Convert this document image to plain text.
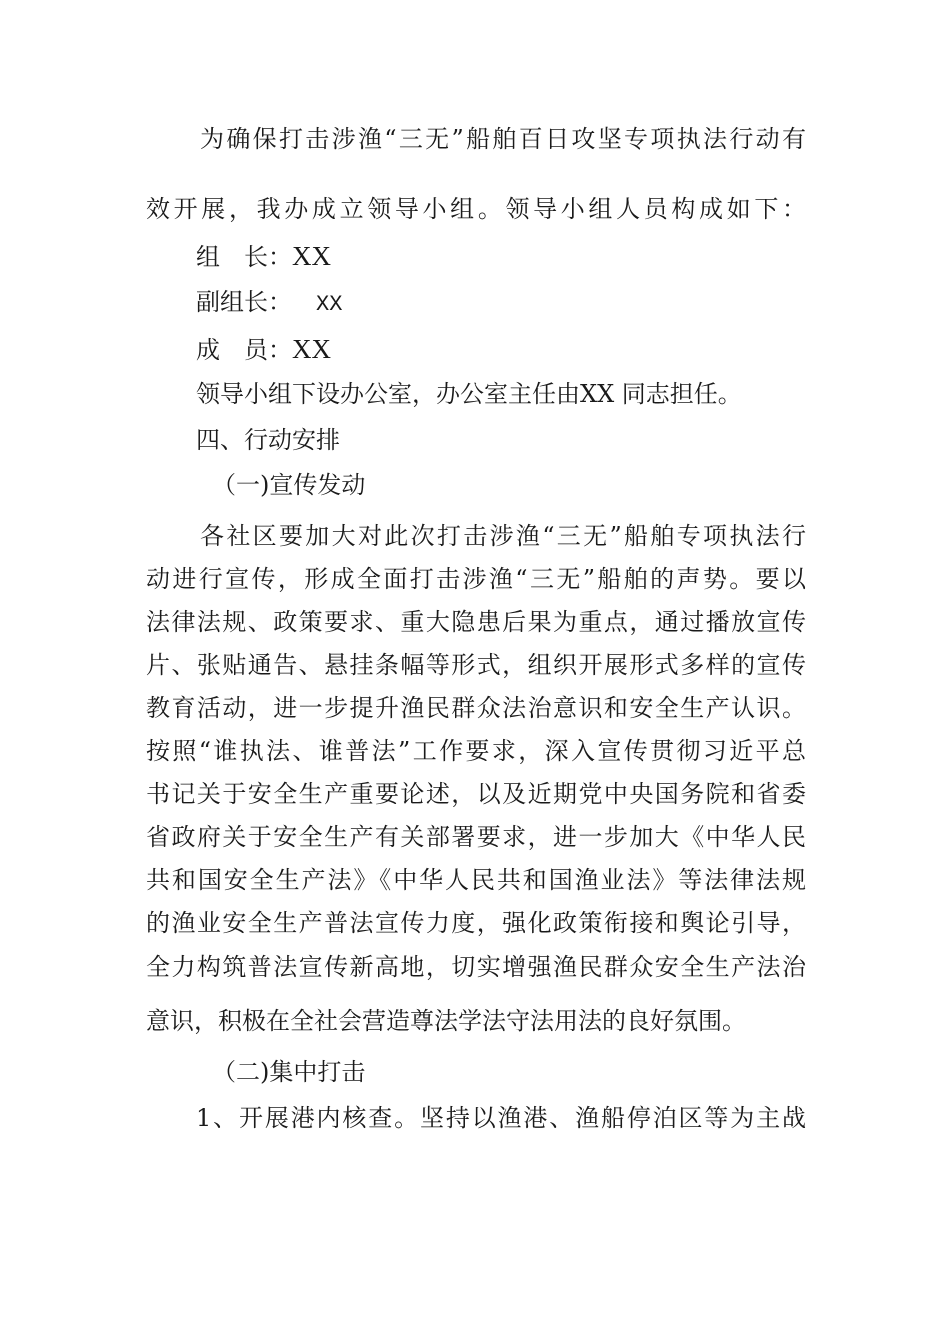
为确保打击涉渔“三无”船舶百日攻坚专项执法行动有
效开展，我办成立领导小组。领导小组人员构成如下：
组　长：XX
副组长：  XX
成　员：XX
领导小组下设办公室，办公室主任由XX 同志担任。
四、行动安排
（一)宣传发动
各社区要加大对此次打击涉渔“三无”船舶专项执法行
动进行宣传，形成全面打击涉渔“三无”船舶的声势。要以
法律法规、政策要求、重大隐患后果为重点，通过播放宣传
片、张贴通告、悬挂条幅等形式，组织开展形式多样的宣传
教育活动，进一步提升渔民群众法治意识和安全生产认识。
按照“谁执法、谁普法”工作要求，深入宣传贯彻习近平总
书记关于安全生产重要论述，以及近期党中央国务院和省委
省政府关于安全生产有关部署要求，进一步加大《中华人民
共和国安全生产法》《中华人民共和国渔业法》等法律法规
的渔业安全生产普法宣传力度，强化政策衔接和舆论引导，
全力构筑普法宣传新高地，切实增强渔民群众安全生产法治
意识，积极在全社会营造尊法学法守法用法的良好氛围。
（二)集中打击
1、开展港内核查。坚持以渔港、渔船停泊区等为主战
